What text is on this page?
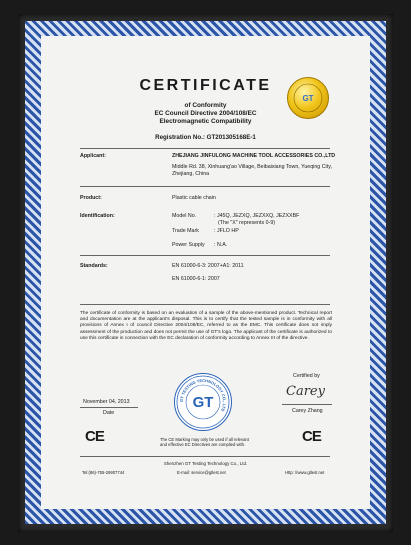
GT
CERTIFICATE
of Conformity
EC Council Directive 2004/108/EC
Electromagnetic Compatibility
Registration No.: GT201305168E-1
Applicant:	ZHEJIANG JINFULONG MACHINE TOOL ACCESSORIES CO.,LTD
Middle Rd. 38, Xinhuang'ao Village, Beibaixiang Town, Yueqing City,
Zhejiang, China
Product:	Plastic cable chain
Identification:	Model No.	: J45Q, JEZXQ, JEZXXQ, JEZXXBF
(The "X" represents 0-9)
Trade Mark	: JFLO HP
Power Supply : N.A.
Standards:	EN 61000-6-3: 2007+A1: 2011
EN 61000-6-1: 2007
The certificate of conformity is based on an evaluation of a sample of the above-mentioned product. Technical report and documentation are at the applicant's disposal. This is to certify that the tested sample is in conformity with all provisions of Annex I of council Directive 2004/108/EC, referred to as the EMC. This certificate does not imply assessment of the production and does not permit the use of GT's logo. The applicant of the certificate is authorized to use this certificate in connection with the EC declaration of conformity according to Annex III of the directive.
November 04, 2013
Date
GT TESTING TECHNOLOGY CO., LTD
GT
Certified by
Carey
Carey Zhang
CE	CE
The CE Marking may only be used if all relevant
and effective EC Directives are complied with.
Shenzhen GT Testing Technology Co., Ltd.
Tel:(86)-755-26907744	E-mail: service@gtlest.net	Http: //www.gtlest.net
